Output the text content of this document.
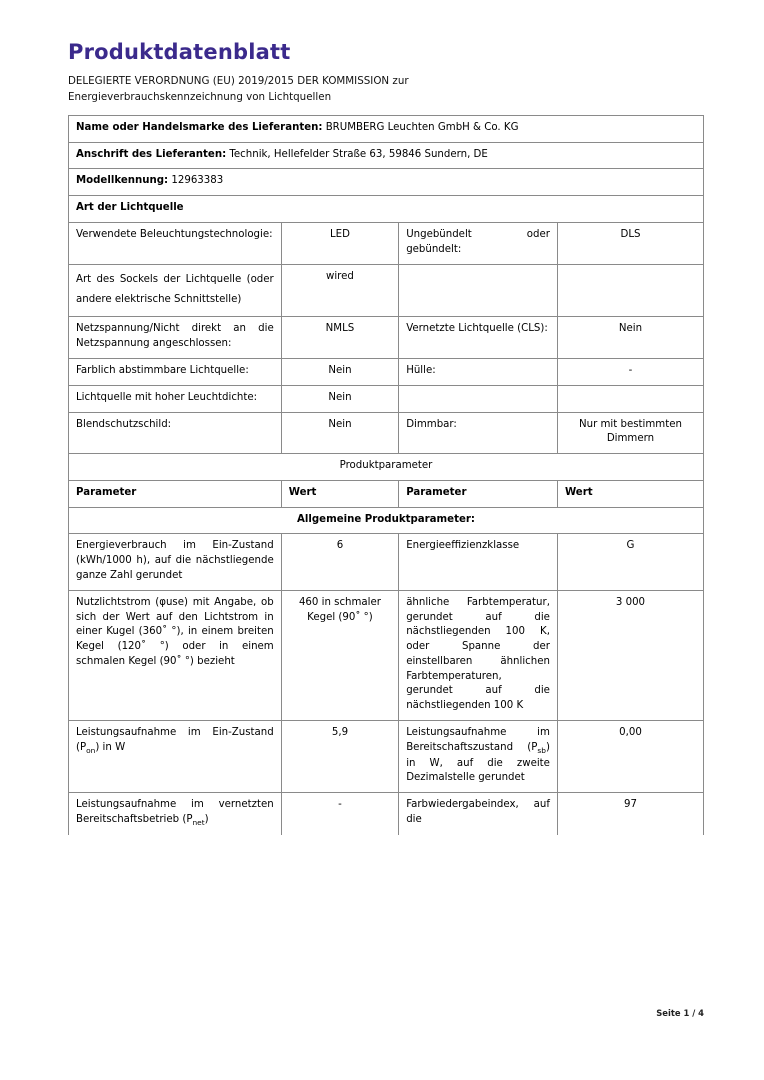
Produktdatenblatt

DELEGIERTE VERORDNUNG (EU) 2019/2015 DER KOMMISSION zur
Energieverbrauchskennzeichnung von Lichtquellen

Name oder Handelsmarke des Lieferanten: BRUMBERG Leuchten GmbH & Co. KG			
Anschrift des Lieferanten: Technik, Hellefelder Straße 63, 59846 Sundern, DE			
Modellkennung: 12963383			
Art der Lichtquelle			
Verwendete Beleuchtungstechnologie:	LED	Ungebündelt oder gebündelt:	DLS
Art des Sockels der Lichtquelle (oder andere elektrische Schnittstelle)	wired		
Netzspannung/Nicht direkt an die Netzspannung angeschlossen:	NMLS	Vernetzte Lichtquelle (CLS):	Nein
Farblich abstimmbare Lichtquelle:	Nein	Hülle:	-
Lichtquelle mit hoher Leuchtdichte:	Nein		
Blendschutzschild:	Nein	Dimmbar:	Nur mit bestimmten Dimmern
Produktparameter			
Parameter	Wert	Parameter	Wert
Allgemeine Produktparameter:			
Energieverbrauch im Ein-Zustand (kWh/1000 h), auf die nächstliegende ganze Zahl gerundet	6	Energieeffizienzklasse	G
Nutzlichtstrom (φuse) mit Angabe, ob sich der Wert auf den Lichtstrom in einer Kugel (360˚ °), in einem breiten Kegel (120˚ °) oder in einem schmalen Kegel (90˚ °) bezieht	460 in schmaler Kegel (90˚ °)	ähnliche Farbtemperatur, gerundet auf die nächstliegenden 100 K, oder Spanne der einstellbaren ähnlichen Farbtemperaturen, gerundet auf die nächstliegenden 100 K	3 000
Leistungsaufnahme im Ein-Zustand $(P_{on})$ in W	5,9	Leistungsaufnahme im Bereitschaftszustand $(P_{sb})$ in W, auf die zweite Dezimalstelle gerundet	0,00
Leistungsaufnahme im vernetzten Bereitschaftsbetrieb $(P_{net})$	-	Farbwiedergabeindex, auf die	97
Seite 1 / 4
